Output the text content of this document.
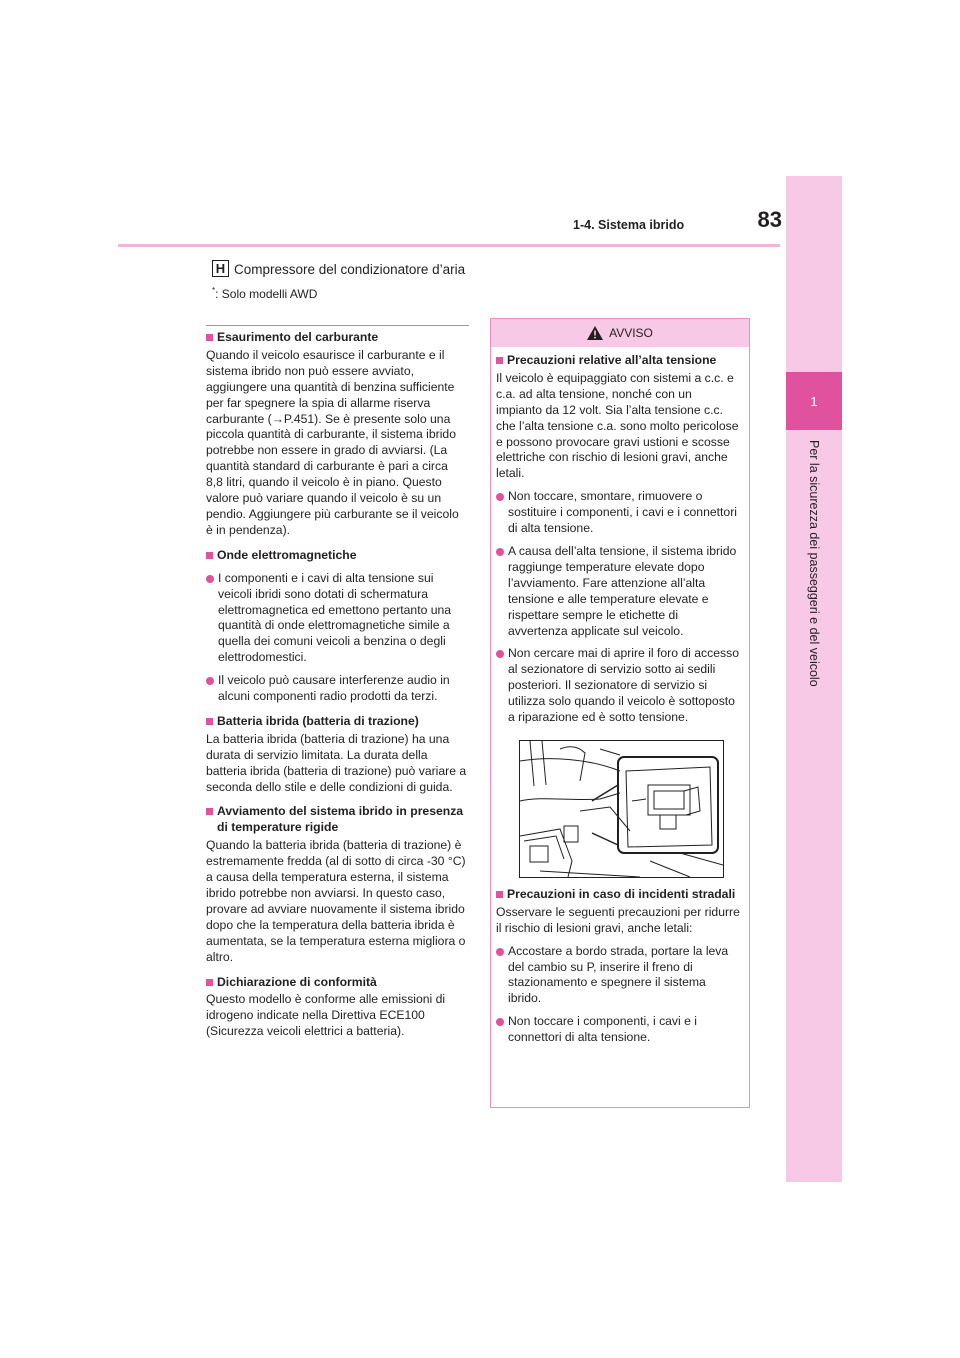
1
Per la sicurezza dei passeggeri e del veicolo
1-4. Sistema ibrido	83
H Compressore del condizionatore d’aria
*: Solo modelli AWD
Esaurimento del carburante
Quando il veicolo esaurisce il carburante e il sistema ibrido non può essere avviato, aggiungere una quantità di benzina sufficiente per far spegnere la spia di allarme riserva carburante (→P.451). Se è presente solo una piccola quantità di carburante, il sistema ibrido potrebbe non essere in grado di avviarsi. (La quantità standard di carburante è pari a circa 8,8 litri, quando il veicolo è in piano. Questo valore può variare quando il veicolo è su un pendio. Aggiungere più carburante se il veicolo è in pendenza).
Onde elettromagnetiche
I componenti e i cavi di alta tensione sui veicoli ibridi sono dotati di schermatura elettromagnetica ed emettono pertanto una quantità di onde elettromagnetiche simile a quella dei comuni veicoli a benzina o degli elettrodomestici.
Il veicolo può causare interferenze audio in alcuni componenti radio prodotti da terzi.
Batteria ibrida (batteria di trazione)
La batteria ibrida (batteria di trazione) ha una durata di servizio limitata. La durata della batteria ibrida (batteria di trazione) può variare a seconda dello stile e delle condizioni di guida.
Avviamento del sistema ibrido in presenza di temperature rigide
Quando la batteria ibrida (batteria di trazione) è estremamente fredda (al di sotto di circa -30 °C) a causa della temperatura esterna, il sistema ibrido potrebbe non avviarsi. In questo caso, provare ad avviare nuovamente il sistema ibrido dopo che la temperatura della batteria ibrida è aumentata, se la temperatura esterna migliora o altro.
Dichiarazione di conformità
Questo modello è conforme alle emissioni di idrogeno indicate nella Direttiva ECE100 (Sicurezza veicoli elettrici a batteria).
AVVISO
Precauzioni relative all’alta tensione
Il veicolo è equipaggiato con sistemi a c.c. e c.a. ad alta tensione, nonché con un impianto da 12 volt. Sia l’alta tensione c.c. che l’alta tensione c.a. sono molto pericolose e possono provocare gravi ustioni e scosse elettriche con rischio di lesioni gravi, anche letali.
Non toccare, smontare, rimuovere o sostituire i componenti, i cavi e i connettori di alta tensione.
A causa dell’alta tensione, il sistema ibrido raggiunge temperature elevate dopo l’avviamento. Fare attenzione all’alta tensione e alle temperature elevate e rispettare sempre le etichette di avvertenza applicate sul veicolo.
Non cercare mai di aprire il foro di accesso al sezionatore di servizio sotto ai sedili posteriori. Il sezionatore di servizio si utilizza solo quando il veicolo è sottoposto a riparazione ed è sotto tensione.
Precauzioni in caso di incidenti stradali
Osservare le seguenti precauzioni per ridurre il rischio di lesioni gravi, anche letali:
Accostare a bordo strada, portare la leva del cambio su P, inserire il freno di stazionamento e spegnere il sistema ibrido.
Non toccare i componenti, i cavi e i connettori di alta tensione.
